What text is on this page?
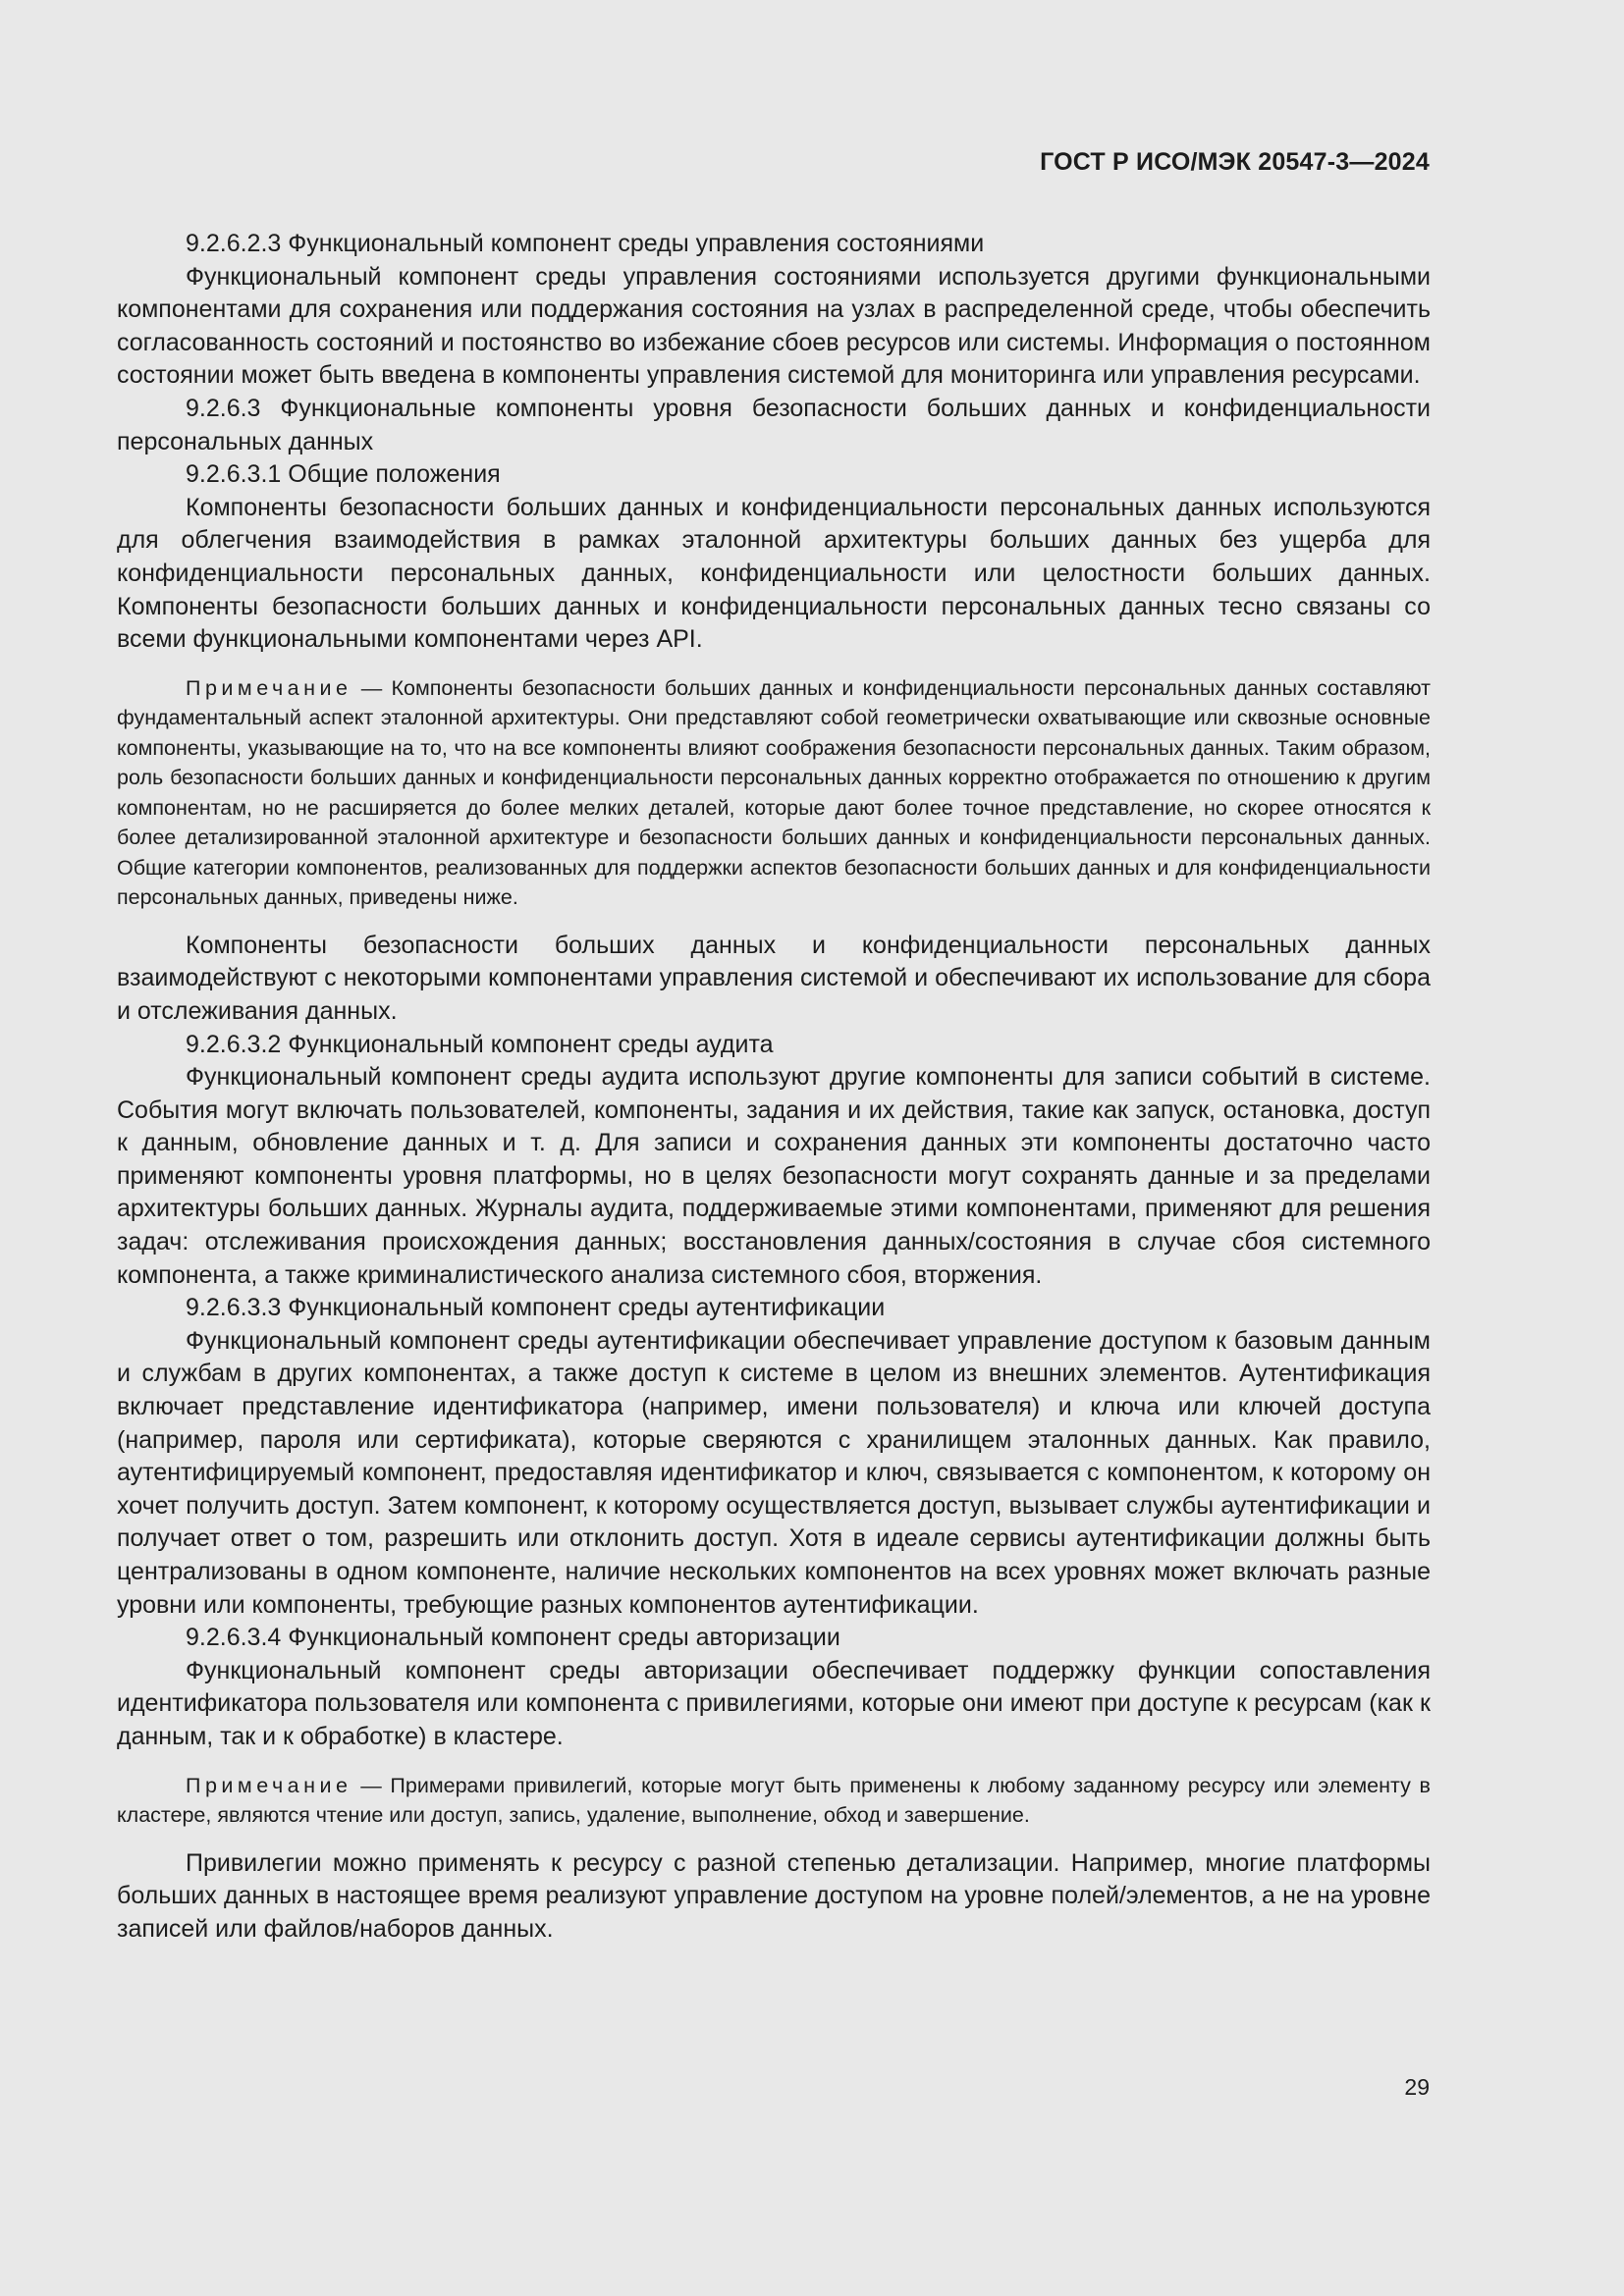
ГОСТ Р ИСО/МЭК 20547-3—2024

9.2.6.2.3 Функциональный компонент среды управления состояниями

Функциональный компонент среды управления состояниями используется другими функциональными компонентами для сохранения или поддержания состояния на узлах в распределенной среде, чтобы обеспечить согласованность состояний и постоянство во избежание сбоев ресурсов или системы. Информация о постоянном состоянии может быть введена в компоненты управления системой для мониторинга или управления ресурсами.

9.2.6.3 Функциональные компоненты уровня безопасности больших данных и конфиденциальности персональных данных

9.2.6.3.1 Общие положения

Компоненты безопасности больших данных и конфиденциальности персональных данных используются для облегчения взаимодействия в рамках эталонной архитектуры больших данных без ущерба для конфиденциальности персональных данных, конфиденциальности или целостности больших данных. Компоненты безопасности больших данных и конфиденциальности персональных данных тесно связаны со всеми функциональными компонентами через API.

Примечание — Компоненты безопасности больших данных и конфиденциальности персональных данных составляют фундаментальный аспект эталонной архитектуры. Они представляют собой геометрически охватывающие или сквозные основные компоненты, указывающие на то, что на все компоненты влияют соображения безопасности персональных данных. Таким образом, роль безопасности больших данных и конфиденциальности персональных данных корректно отображается по отношению к другим компонентам, но не расширяется до более мелких деталей, которые дают более точное представление, но скорее относятся к более детализированной эталонной архитектуре и безопасности больших данных и конфиденциальности персональных данных. Общие категории компонентов, реализованных для поддержки аспектов безопасности больших данных и для конфиденциальности персональных данных, приведены ниже.

Компоненты безопасности больших данных и конфиденциальности персональных данных взаимодействуют с некоторыми компонентами управления системой и обеспечивают их использование для сбора и отслеживания данных.

9.2.6.3.2 Функциональный компонент среды аудита

Функциональный компонент среды аудита используют другие компоненты для записи событий в системе. События могут включать пользователей, компоненты, задания и их действия, такие как запуск, остановка, доступ к данным, обновление данных и т. д. Для записи и сохранения данных эти компоненты достаточно часто применяют компоненты уровня платформы, но в целях безопасности могут сохранять данные и за пределами архитектуры больших данных. Журналы аудита, поддерживаемые этими компонентами, применяют для решения задач: отслеживания происхождения данных; восстановления данных/состояния в случае сбоя системного компонента, а также криминалистического анализа системного сбоя, вторжения.

9.2.6.3.3 Функциональный компонент среды аутентификации

Функциональный компонент среды аутентификации обеспечивает управление доступом к базовым данным и службам в других компонентах, а также доступ к системе в целом из внешних элементов. Аутентификация включает представление идентификатора (например, имени пользователя) и ключа или ключей доступа (например, пароля или сертификата), которые сверяются с хранилищем эталонных данных. Как правило, аутентифицируемый компонент, предоставляя идентификатор и ключ, связывается с компонентом, к которому он хочет получить доступ. Затем компонент, к которому осуществляется доступ, вызывает службы аутентификации и получает ответ о том, разрешить или отклонить доступ. Хотя в идеале сервисы аутентификации должны быть централизованы в одном компоненте, наличие нескольких компонентов на всех уровнях может включать разные уровни или компоненты, требующие разных компонентов аутентификации.

9.2.6.3.4 Функциональный компонент среды авторизации

Функциональный компонент среды авторизации обеспечивает поддержку функции сопоставления идентификатора пользователя или компонента с привилегиями, которые они имеют при доступе к ресурсам (как к данным, так и к обработке) в кластере.

Примечание — Примерами привилегий, которые могут быть применены к любому заданному ресурсу или элементу в кластере, являются чтение или доступ, запись, удаление, выполнение, обход и завершение.

Привилегии можно применять к ресурсу с разной степенью детализации. Например, многие платформы больших данных в настоящее время реализуют управление доступом на уровне полей/элементов, а не на уровне записей или файлов/наборов данных.

29
